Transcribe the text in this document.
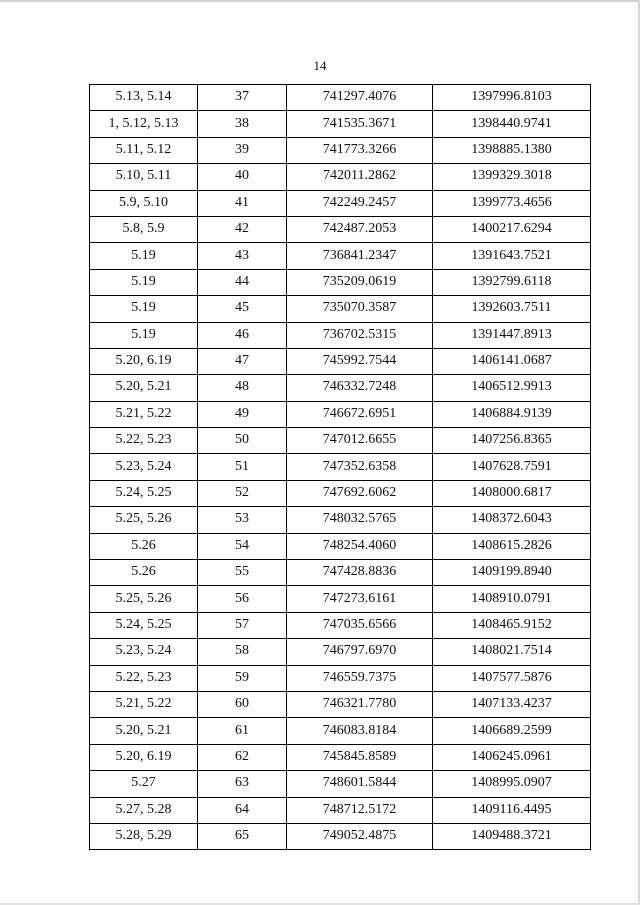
14
5.13, 5.14	37	741297.4076	1397996.8103
1, 5.12, 5.13	38	741535.3671	1398440.9741
5.11, 5.12	39	741773.3266	1398885.1380
5.10, 5.11	40	742011.2862	1399329.3018
5.9, 5.10	41	742249.2457	1399773.4656
5.8, 5.9	42	742487.2053	1400217.6294
5.19	43	736841.2347	1391643.7521
5.19	44	735209.0619	1392799.6118
5.19	45	735070.3587	1392603.7511
5.19	46	736702.5315	1391447.8913
5.20, 6.19	47	745992.7544	1406141.0687
5.20, 5.21	48	746332.7248	1406512.9913
5.21, 5.22	49	746672.6951	1406884.9139
5.22, 5.23	50	747012.6655	1407256.8365
5.23, 5.24	51	747352.6358	1407628.7591
5.24, 5.25	52	747692.6062	1408000.6817
5.25, 5.26	53	748032.5765	1408372.6043
5.26	54	748254.4060	1408615.2826
5.26	55	747428.8836	1409199.8940
5.25, 5.26	56	747273.6161	1408910.0791
5.24, 5.25	57	747035.6566	1408465.9152
5.23, 5.24	58	746797.6970	1408021.7514
5.22, 5.23	59	746559.7375	1407577.5876
5.21, 5.22	60	746321.7780	1407133.4237
5.20, 5.21	61	746083.8184	1406689.2599
5.20, 6.19	62	745845.8589	1406245.0961
5.27	63	748601.5844	1408995.0907
5.27, 5.28	64	748712.5172	1409116.4495
5.28, 5.29	65	749052.4875	1409488.3721
